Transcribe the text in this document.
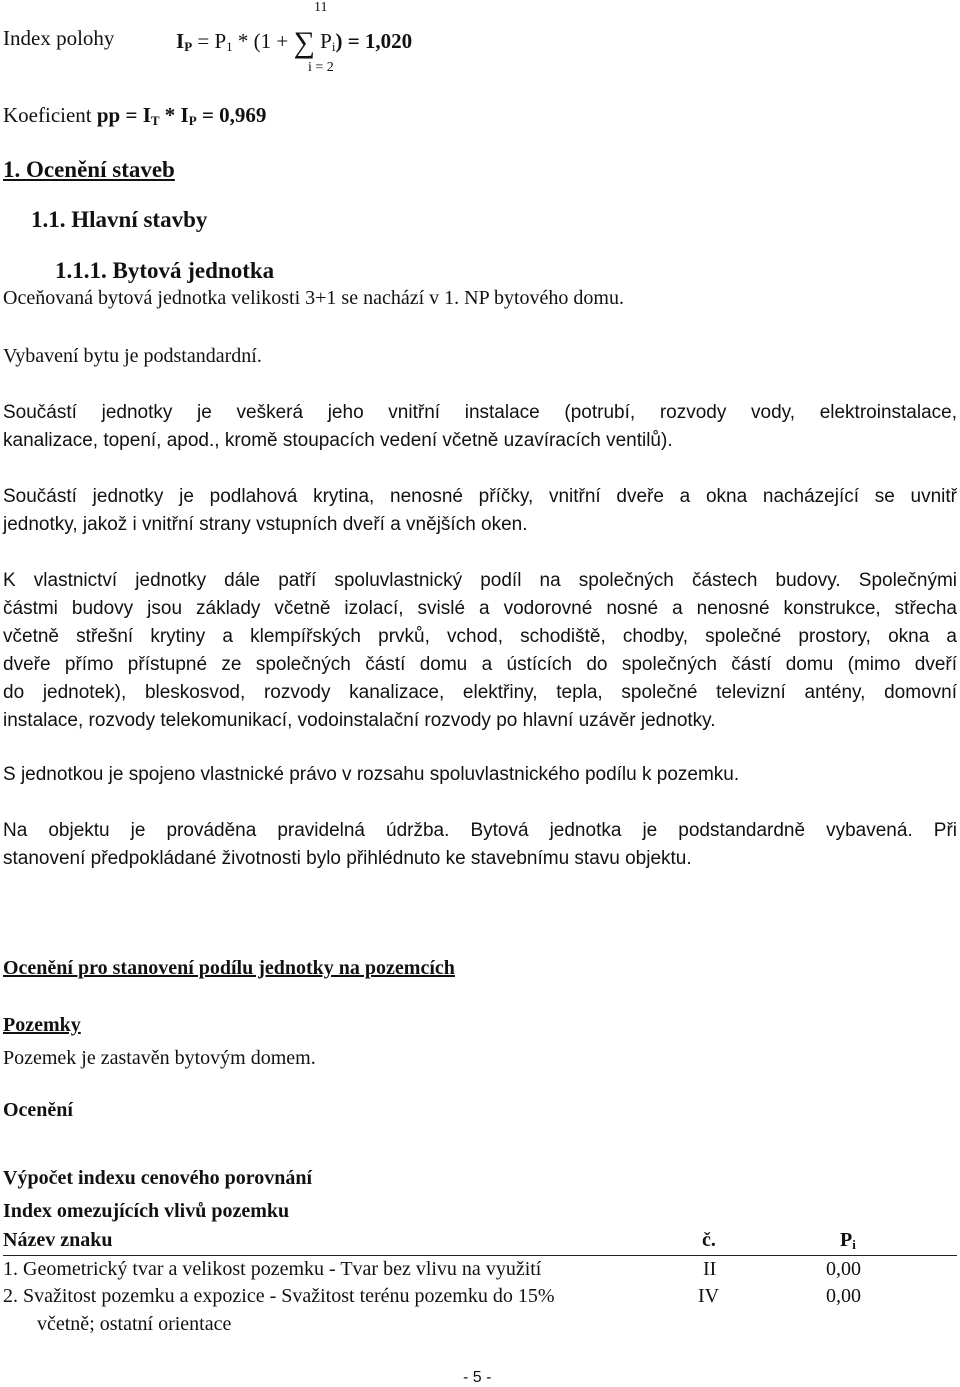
11
Index polohy	$I_P = P_1 * (1$ + ∑ $P_i) = 1,020$
i = 2
Koeficient pp = $I_T * I_P = 0,969$
1. Ocenění staveb
1.1. Hlavní stavby
1.1.1. Bytová jednotka
Oceňovaná bytová jednotka velikosti 3+1 se nachází v 1. NP bytového domu.
Vybavení bytu je podstandardní.
Součástí jednotky je veškerá jeho vnitřní instalace (potrubí, rozvody vody, elektroinstalace,
kanalizace, topení, apod., kromě stoupacích vedení včetně uzavíracích ventilů).
Součástí jednotky je podlahová krytina, nenosné příčky, vnitřní dveře a okna nacházející se uvnitř
jednotky, jakož i vnitřní strany vstupních dveří a vnějších oken.
K vlastnictví jednotky dále patří spoluvlastnický podíl na společných částech budovy. Společnými
částmi budovy jsou základy včetně izolací, svislé a vodorovné nosné a nenosné konstrukce, střecha
včetně střešní krytiny a klempířských prvků, vchod, schodiště, chodby, společné prostory, okna a
dveře přímo přístupné ze společných částí domu a ústících do společných částí domu (mimo dveří
do jednotek), bleskosvod, rozvody kanalizace, elektřiny, tepla, společné televizní antény, domovní
instalace, rozvody telekomunikací, vodoinstalační rozvody po hlavní uzávěr jednotky.
S jednotkou je spojeno vlastnické právo v rozsahu spoluvlastnického podílu k pozemku.
Na objektu je prováděna pravidelná údržba. Bytová jednotka je podstandardně vybavená. Při
stanovení předpokládané životnosti bylo přihlédnuto ke stavebnímu stavu objektu.
Ocenění pro stanovení podílu jednotky na pozemcích
Pozemky
Pozemek je zastavěn bytovým domem.
Ocenění
Výpočet indexu cenového porovnání
Index omezujících vlivů pozemku
Název znaku	č.	$P_i$
1. Geometrický tvar a velikost pozemku - Tvar bez vlivu na využití	II	0,00
2. Svažitost pozemku a expozice - Svažitost terénu pozemku do 15%	IV	0,00
včetně; ostatní orientace
- 5 -
